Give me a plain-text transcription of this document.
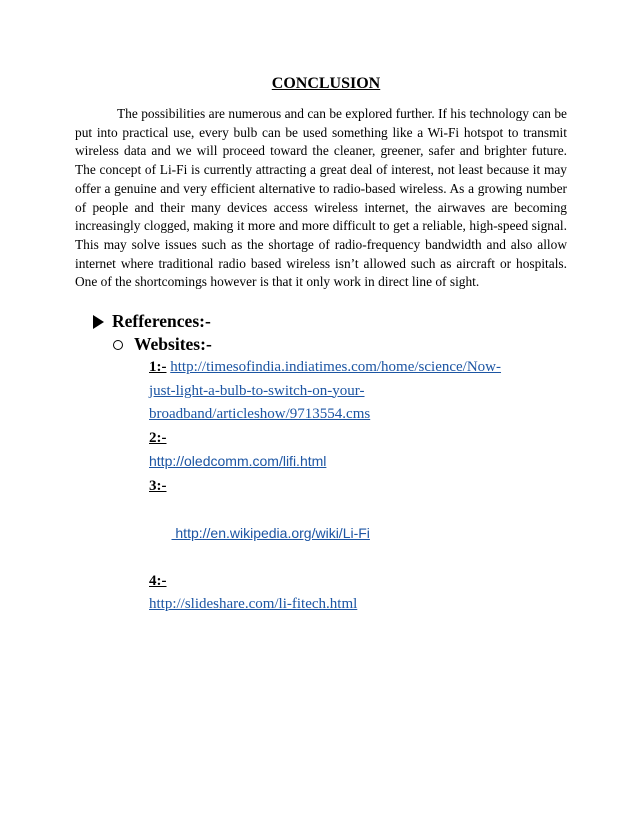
CONCLUSION

The possibilities are numerous and can be explored further. If his technology can be put into practical use, every bulb can be used something like a Wi-Fi hotspot to transmit wireless data and we will proceed toward the cleaner, greener, safer and brighter future. The concept of Li-Fi is currently attracting a great deal of interest, not least because it may offer a genuine and very efficient alternative to radio-based wireless. As a growing number of people and their many devices access wireless internet, the airwaves are becoming increasingly clogged, making it more and more difficult to get a reliable, high-speed signal. This may solve issues such as the shortage of radio-frequency bandwidth and also allow internet where traditional radio based wireless isn’t allowed such as aircraft or hospitals. One of the shortcomings however is that it only work in direct line of sight.

Refferences:-
Websites:-
1:- http://timesofindia.indiatimes.com/home/science/Now-
just-light-a-bulb-to-switch-on-your-
broadband/articleshow/9713554.cms
2:-
http://oledcomm.com/lifi.html
3:-

http://en.wikipedia.org/wiki/Li-Fi

4:-
http://slideshare.com/li-fitech.html
